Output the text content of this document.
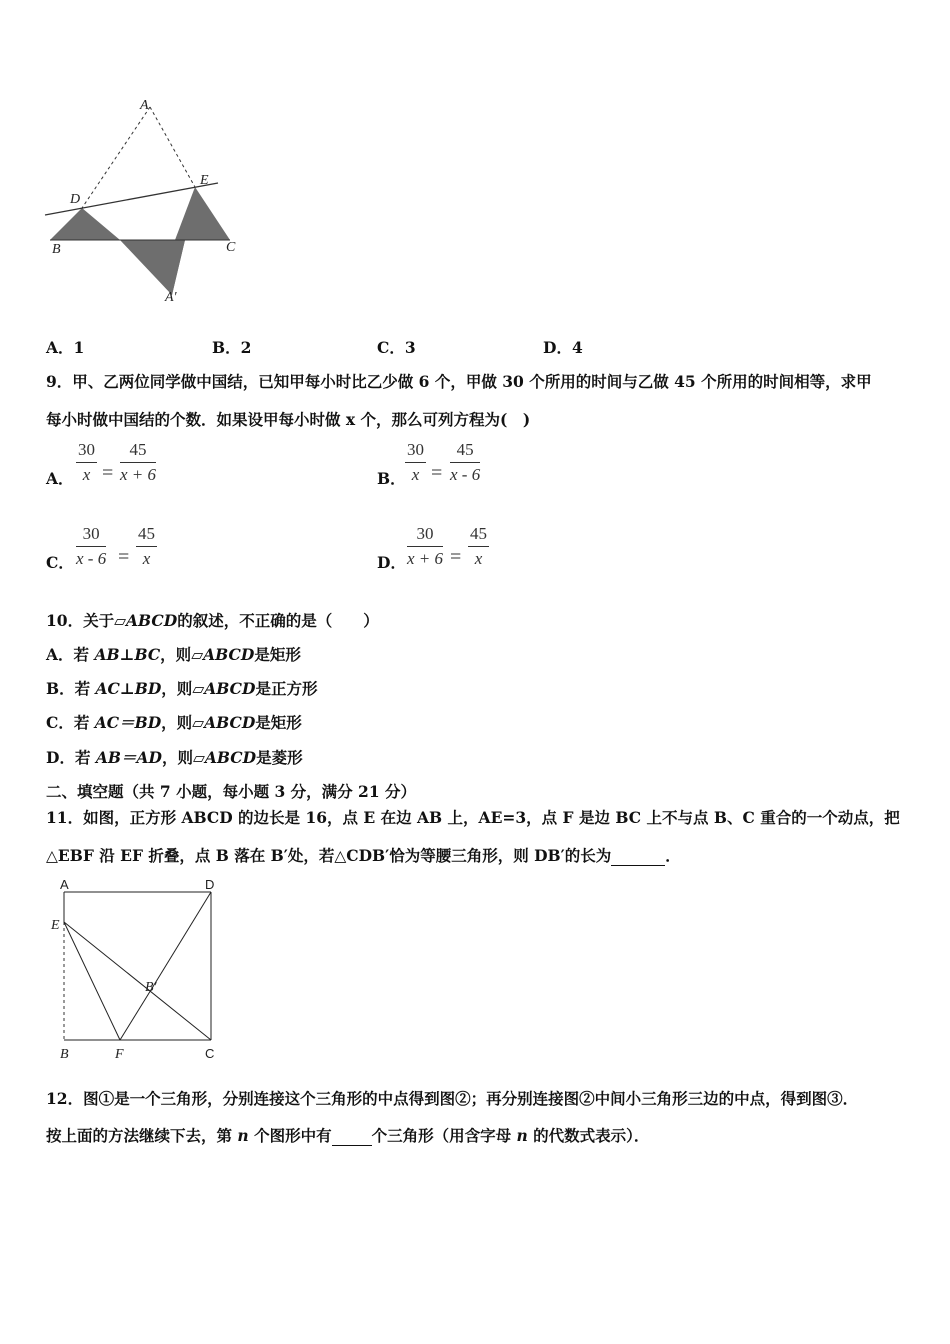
A
D
E
B	C
A′
A．1	B．2	C．3	D．4
9．甲、乙两位同学做中国结，已知甲每小时比乙少做 6 个，甲做 30 个所用的时间与乙做 45 个所用的时间相等，求甲
每小时做中国结的个数．如果设甲每小时做 x 个，那么可列方程为(　)
A． $\frac{30}{x} = \frac{45}{x + 6}$	B． $\frac{30}{x} = \frac{45}{x - 6}$
C． $\frac{30}{x - 6} = \frac{45}{x}$	D． $\frac{30}{x + 6} = \frac{45}{x}$
10．关于▱ABCD的叙述，不正确的是（　　）
A．若 AB⊥BC，则▱ABCD是矩形
B．若 AC⊥BD，则▱ABCD是正方形
C．若 AC＝BD，则▱ABCD是矩形
D．若 AB＝AD，则▱ABCD是菱形
二、填空题（共 7 小题，每小题 3 分，满分 21 分）
11．如图，正方形 ABCD 的边长是 16，点 E 在边 AB 上，AE=3，点 F 是边 BC 上不与点 B、C 重合的一个动点，把
△EBF 沿 EF 折叠，点 B 落在 B′处，若△CDB′恰为等腰三角形，则 DB′的长为	．
A	D
E
B′
B	F	C
12．图①是一个三角形，分别连接这个三角形的中点得到图②；再分别连接图②中间小三角形三边的中点，得到图③．
按上面的方法继续下去，第 n 个图形中有	个三角形（用含字母 n 的代数式表示）．
